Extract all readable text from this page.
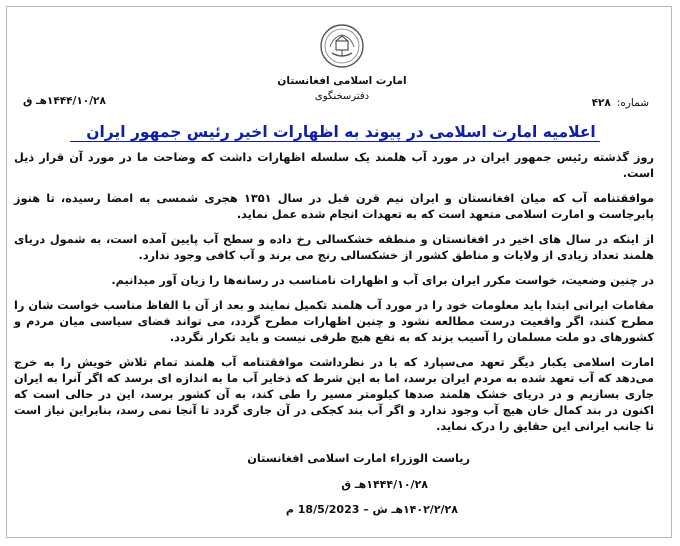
امارت اسلامی افغانستان
دفترسخنگوی
۱۴۴۴/۱۰/۲۸هـ ق	شماره:۴۲۸
اعلامیه امارت اسلامی در پیوند به اظهارات اخیر رئیس جمهور ایران

روز گذشته رئیس جمهور ایران در مورد آب هلمند یک سلسله اظهارات داشت که وضاحت ما در مورد آن قرار ذیل است.

موافقتنامه آب که میان افغانستان و ایران نیم قرن قبل در سال ۱۳۵۱ هجری شمسی به امضا رسیده، تا هنوز پابرجاست و امارت اسلامی متعهد است که به تعهدات انجام شده عمل نماید.

از اینکه در سال های اخیر در افغانستان و منطقه خشکسالی رخ داده و سطح آب پایین آمده است، به شمول دریای هلمند تعداد زیادی از ولایات و مناطق کشور از خشکسالی رنج می برند و آب کافی وجود ندارد.

در چنین وضعیت، خواست مکرر ایران برای آب و اظهارات نامناسب در رسانه‌ها را زیان آور میدانیم.

مقامات ایرانی ابتدا باید معلومات خود را در مورد آب هلمند تکمیل نمایند و بعد از آن با الفاظ مناسب خواست شان را مطرح کنند، اگر واقعیت درست مطالعه نشود و چنین اظهارات مطرح گردد، می تواند فضای سیاسی میان مردم و کشورهای دو ملت مسلمان را آسیب بزند که به نفع هیچ طرفی نیست و باید تکرار نگردد.

امارت اسلامی یکبار دیگر تعهد می‌سپارد که با در نظرداشت موافقتنامه آب هلمند تمام تلاش خویش را به خرج می‌دهد که آب تعهد شده به مردم ایران برسد، اما به این شرط که ذخایر آب ما به اندازه ای برسد که اگر آنرا به ایران جاری بسازیم و در دریای خشک هلمند صدها کیلومتر مسیر را طی کند، به آن کشور برسد، این در حالی است که اکنون در بند کمال خان هیچ آب وجود ندارد و اگر آب بند کجکی در آن جاری گردد تا آنجا نمی رسد، بنابراین نیاز است تا جانب ایرانی این حقایق را درک نماید.

ریاست الوزراء امارت اسلامی افغانستان
۱۴۴۴/۱۰/۲۸هـ ق
۱۴۰۲/۲/۲۸هـ ش – 18/5/2023 م
